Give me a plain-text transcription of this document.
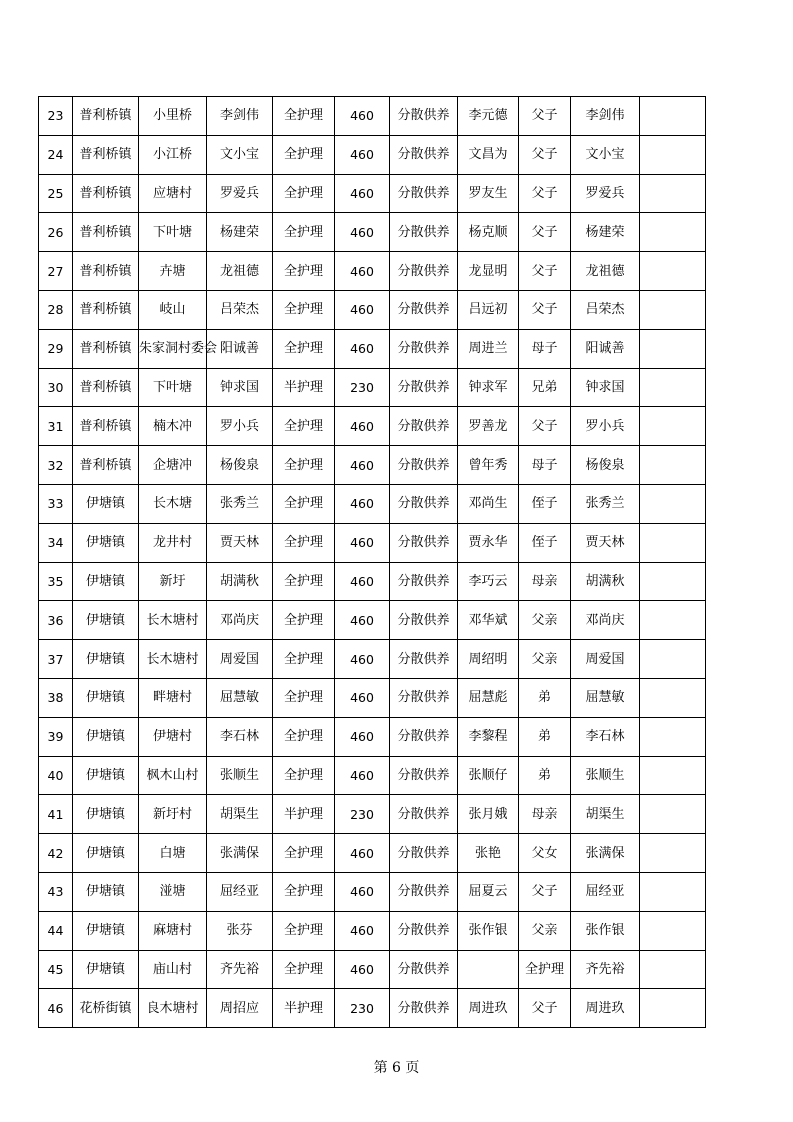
23	普利桥镇	小里桥	李剑伟	全护理	460	分散供养	李元德	父子	李剑伟	
24	普利桥镇	小江桥	文小宝	全护理	460	分散供养	文昌为	父子	文小宝	
25	普利桥镇	应塘村	罗爱兵	全护理	460	分散供养	罗友生	父子	罗爱兵	
26	普利桥镇	下叶塘	杨建荣	全护理	460	分散供养	杨克顺	父子	杨建荣	
27	普利桥镇	卉塘	龙祖德	全护理	460	分散供养	龙显明	父子	龙祖德	
28	普利桥镇	岐山	吕荣杰	全护理	460	分散供养	吕远初	父子	吕荣杰	
29	普利桥镇	朱家洞村委会	阳诚善	全护理	460	分散供养	周进兰	母子	阳诚善	
30	普利桥镇	下叶塘	钟求国	半护理	230	分散供养	钟求军	兄弟	钟求国	
31	普利桥镇	楠木冲	罗小兵	全护理	460	分散供养	罗善龙	父子	罗小兵	
32	普利桥镇	企塘冲	杨俊泉	全护理	460	分散供养	曾年秀	母子	杨俊泉	
33	伊塘镇	长木塘	张秀兰	全护理	460	分散供养	邓尚生	侄子	张秀兰	
34	伊塘镇	龙井村	贾天林	全护理	460	分散供养	贾永华	侄子	贾天林	
35	伊塘镇	新圩	胡满秋	全护理	460	分散供养	李巧云	母亲	胡满秋	
36	伊塘镇	长木塘村	邓尚庆	全护理	460	分散供养	邓华斌	父亲	邓尚庆	
37	伊塘镇	长木塘村	周爱国	全护理	460	分散供养	周绍明	父亲	周爱国	
38	伊塘镇	畔塘村	屈慧敏	全护理	460	分散供养	屈慧彪	弟	屈慧敏	
39	伊塘镇	伊塘村	李石林	全护理	460	分散供养	李黎程	弟	李石林	
40	伊塘镇	枫木山村	张顺生	全护理	460	分散供养	张顺仔	弟	张顺生	
41	伊塘镇	新圩村	胡渠生	半护理	230	分散供养	张月娥	母亲	胡渠生	
42	伊塘镇	白塘	张满保	全护理	460	分散供养	张艳	父女	张满保	
43	伊塘镇	湴塘	屈经亚	全护理	460	分散供养	屈夏云	父子	屈经亚	
44	伊塘镇	麻塘村	张芬	全护理	460	分散供养	张作银	父亲	张作银	
45	伊塘镇	庙山村	齐先裕	全护理	460	分散供养		全护理	齐先裕	
46	花桥街镇	良木塘村	周招应	半护理	230	分散供养	周进玖	父子	周进玖	
第 6 页
